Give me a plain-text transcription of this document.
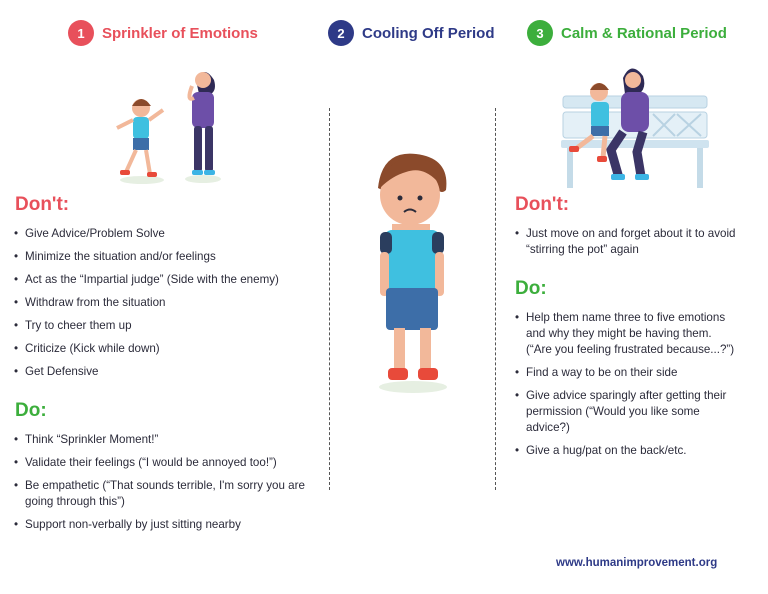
1	Sprinkler of Emotions	2	Cooling Off Period	3	Calm & Rational Period
Don't:
• Give Advice/Problem Solve
• Minimize the situation and/or feelings
• Act as the “Impartial judge” (Side with the enemy)
• Withdraw from the situation
• Try to cheer them up
• Criticize (Kick while down)
• Get Defensive
Do:
• Think “Sprinkler Moment!”
• Validate their feelings (“I would be annoyed too!”)
• Be empathetic (“That sounds terrible, I'm sorry you are going through this”)
• Support non-verbally by just sitting nearby
Don't:
• Just move on and forget about it to avoid “stirring the pot” again
Do:
• Help them name three to five emotions and why they might be having them. (“Are you feeling frustrated because...?”)
• Find a way to be on their side
• Give advice sparingly after getting their permission (“Would you like some advice?)
• Give a hug/pat on the back/etc.
www.humanimprovement.org
